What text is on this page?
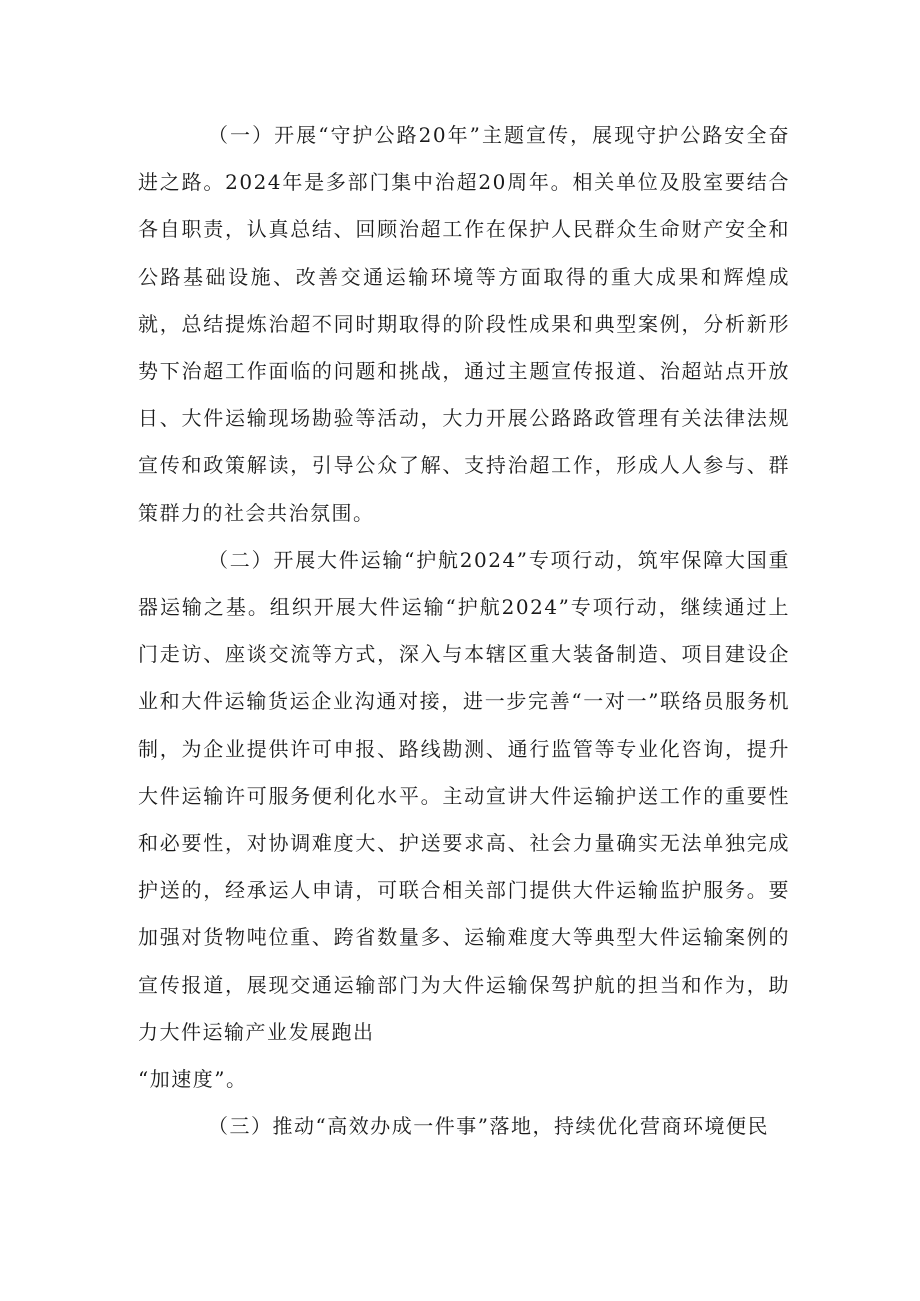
（一）开展“守护公路20年”主题宣传，展现守护公路安全奋进之路。2024年是多部门集中治超20周年。相关单位及股室要结合各自职责，认真总结、回顾治超工作在保护人民群众生命财产安全和公路基础设施、改善交通运输环境等方面取得的重大成果和辉煌成就，总结提炼治超不同时期取得的阶段性成果和典型案例，分析新形势下治超工作面临的问题和挑战，通过主题宣传报道、治超站点开放日、大件运输现场勘验等活动，大力开展公路路政管理有关法律法规宣传和政策解读，引导公众了解、支持治超工作，形成人人参与、群策群力的社会共治氛围。

（二）开展大件运输“护航2024”专项行动，筑牢保障大国重器运输之基。组织开展大件运输“护航2024”专项行动，继续通过上门走访、座谈交流等方式，深入与本辖区重大装备制造、项目建设企业和大件运输货运企业沟通对接，进一步完善“一对一”联络员服务机制，为企业提供许可申报、路线勘测、通行监管等专业化咨询，提升大件运输许可服务便利化水平。主动宣讲大件运输护送工作的重要性和必要性，对协调难度大、护送要求高、社会力量确实无法单独完成护送的，经承运人申请，可联合相关部门提供大件运输监护服务。要加强对货物吨位重、跨省数量多、运输难度大等典型大件运输案例的宣传报道，展现交通运输部门为大件运输保驾护航的担当和作为，助力大件运输产业发展跑出

“加速度”。

（三）推动“高效办成一件事”落地，持续优化营商环境便民
